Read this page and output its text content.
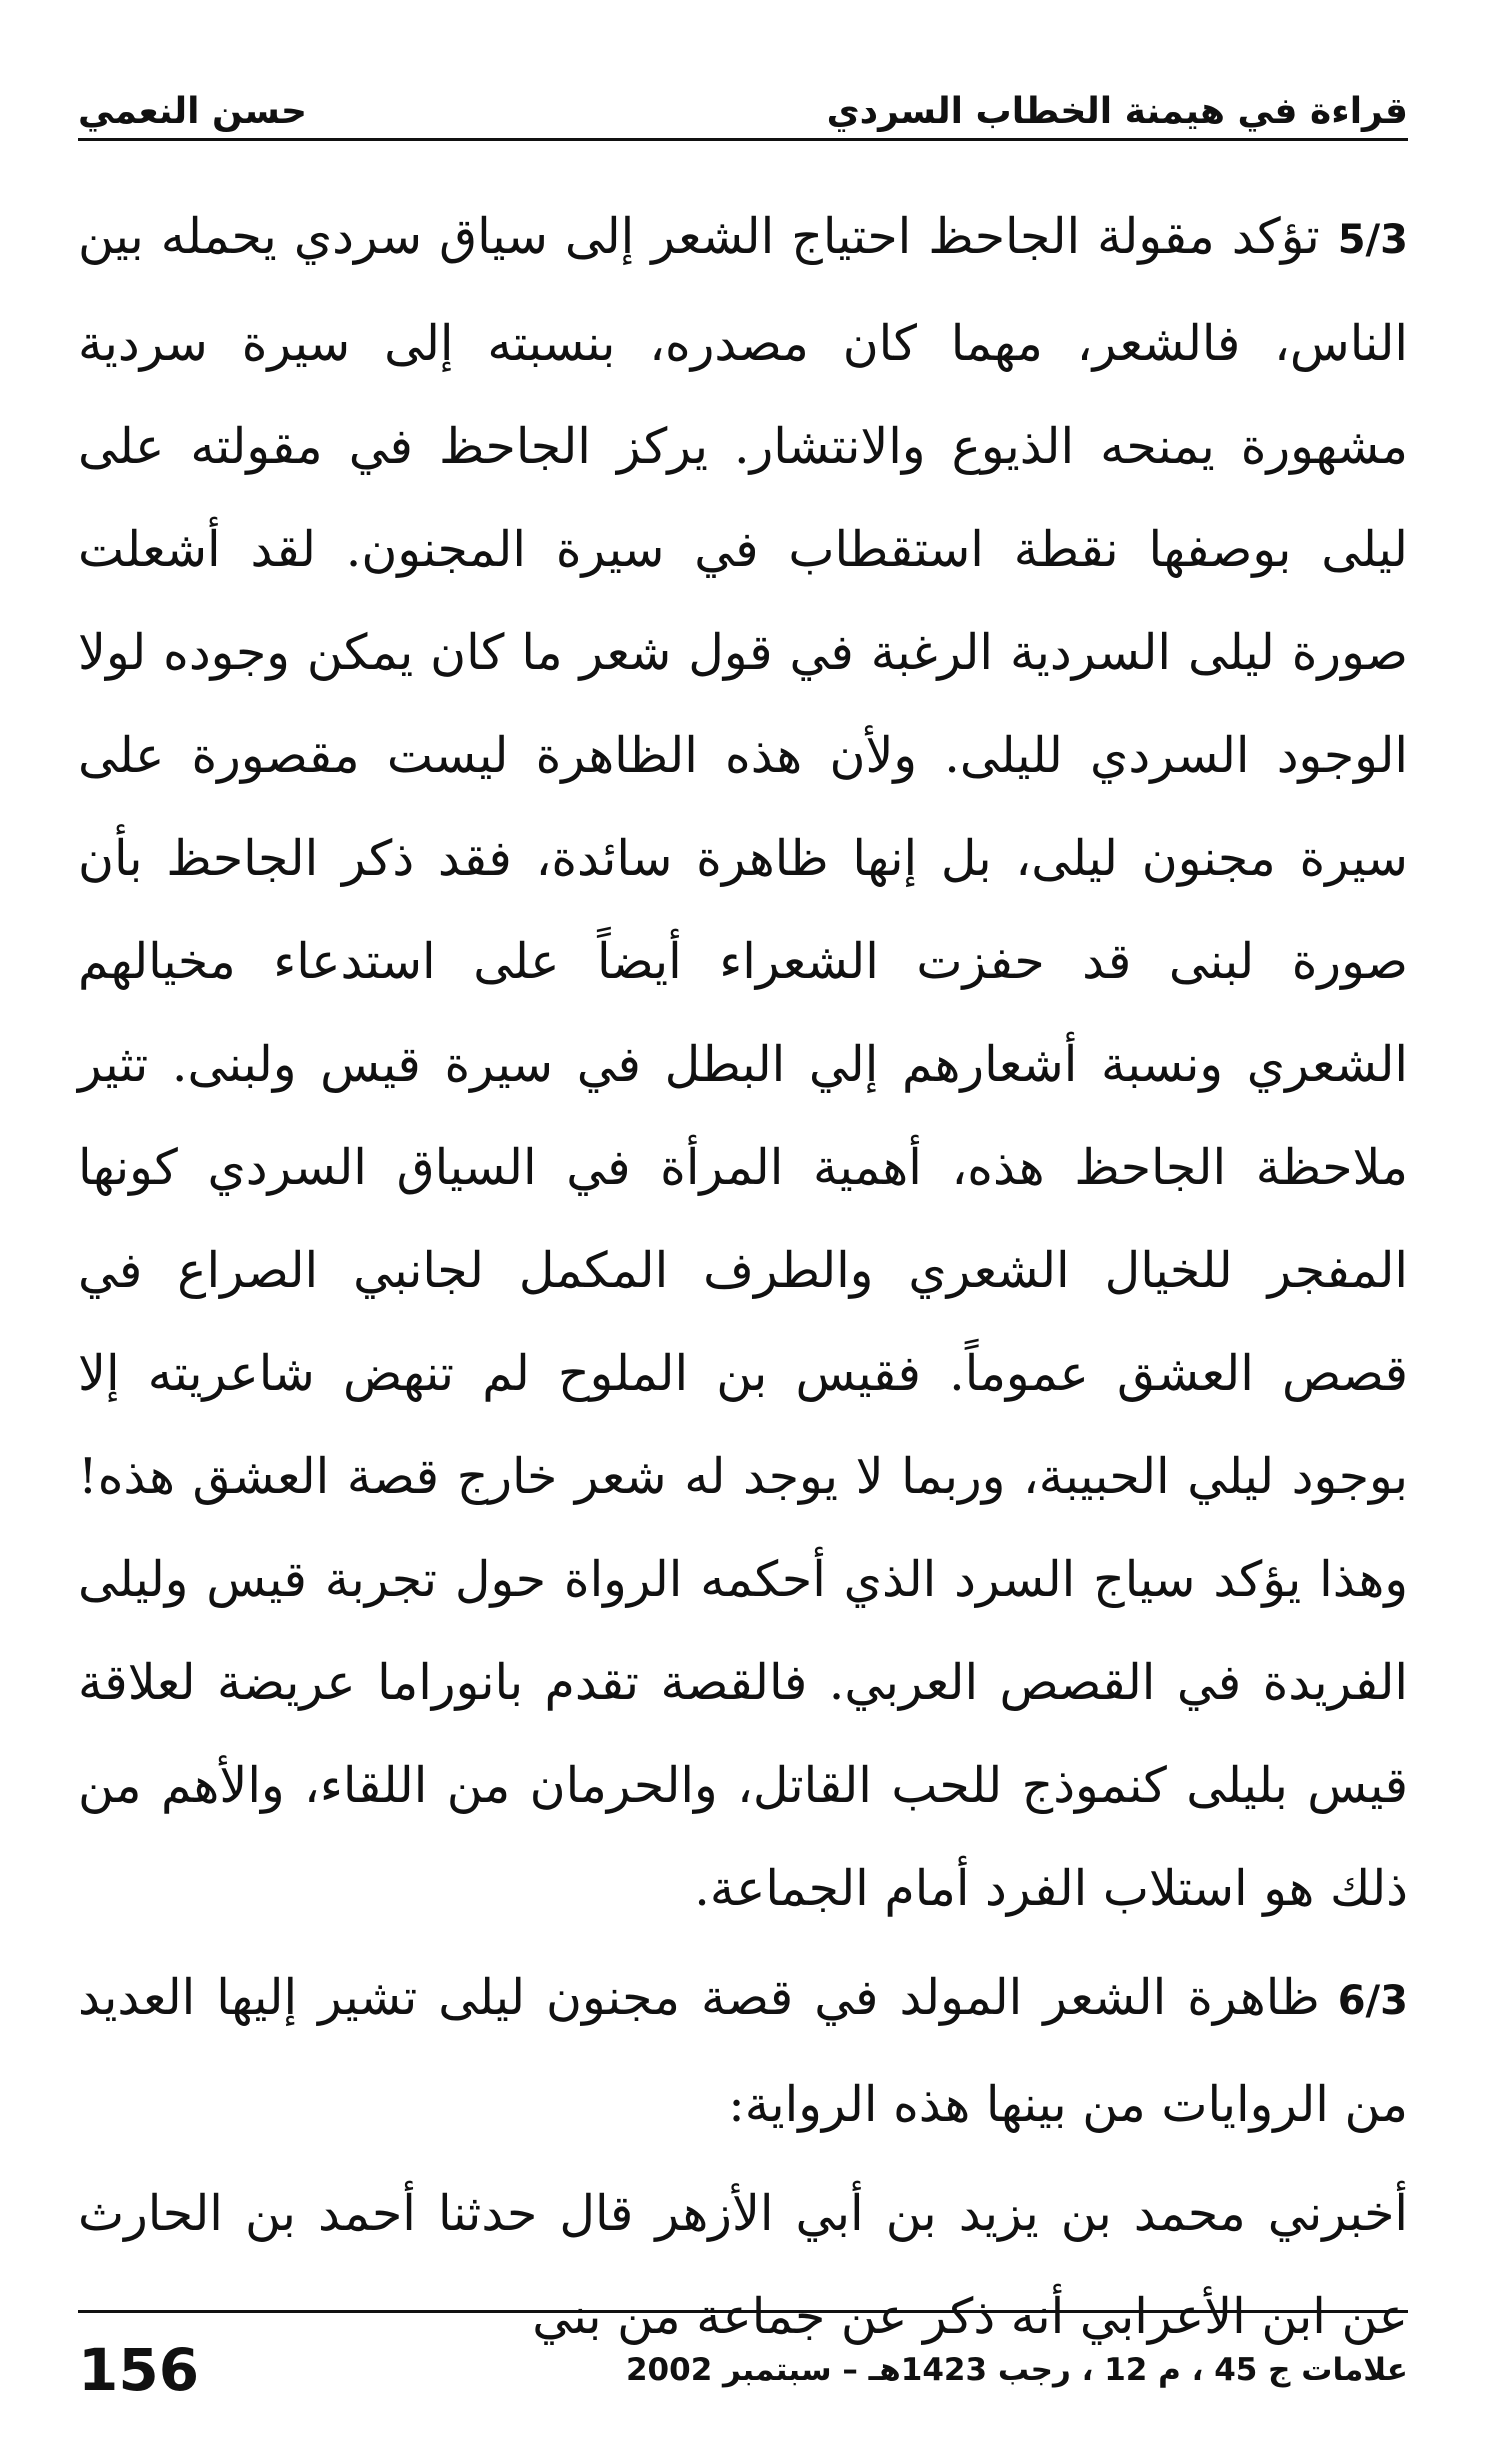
قراءة في هيمنة الخطاب السردي
حسن النعمي

5/3تؤكد مقولة الجاحظ احتياج الشعر إلى سياق سردي يحمله بين الناس، فالشعر، مهما كان مصدره، بنسبته إلى سيرة سردية مشهورة يمنحه الذيوع والانتشار. يركز الجاحظ في مقولته على ليلى بوصفها نقطة استقطاب في سيرة المجنون. لقد أشعلت صورة ليلى السردية الرغبة في قول شعر ما كان يمكن وجوده لولا الوجود السردي لليلى. ولأن هذه الظاهرة ليست مقصورة على سيرة مجنون ليلى، بل إنها ظاهرة سائدة، فقد ذكر الجاحظ بأن صورة لبنى قد حفزت الشعراء أيضاً على استدعاء مخيالهم الشعري ونسبة أشعارهم إلي البطل في سيرة قيس ولبنى. تثير ملاحظة الجاحظ هذه، أهمية المرأة في السياق السردي كونها المفجر للخيال الشعري والطرف المكمل لجانبي الصراع في قصص العشق عموماً. فقيس بن الملوح لم تنهض شاعريته إلا بوجود ليلي الحبيبة، وربما لا يوجد له شعر خارج قصة العشق هذه! وهذا يؤكد سياج السرد الذي أحكمه الرواة حول تجربة قيس وليلى الفريدة في القصص العربي. فالقصة تقدم بانوراما عريضة لعلاقة قيس بليلى كنموذج للحب القاتل، والحرمان من اللقاء، والأهم من ذلك هو استلاب الفرد أمام الجماعة.

6/3ظاهرة الشعر المولد في قصة مجنون ليلى تشير إليها العديد من الروايات من بينها هذه الرواية:

أخبرني محمد بن يزيد بن أبي الأزهر قال حدثنا أحمد بن الحارث عن ابن الأعرابي أنه ذكر عن جماعة من بني

علامات ج 45 ، م 12 ، رجب 1423هـ – سبتمبر 2002
156
